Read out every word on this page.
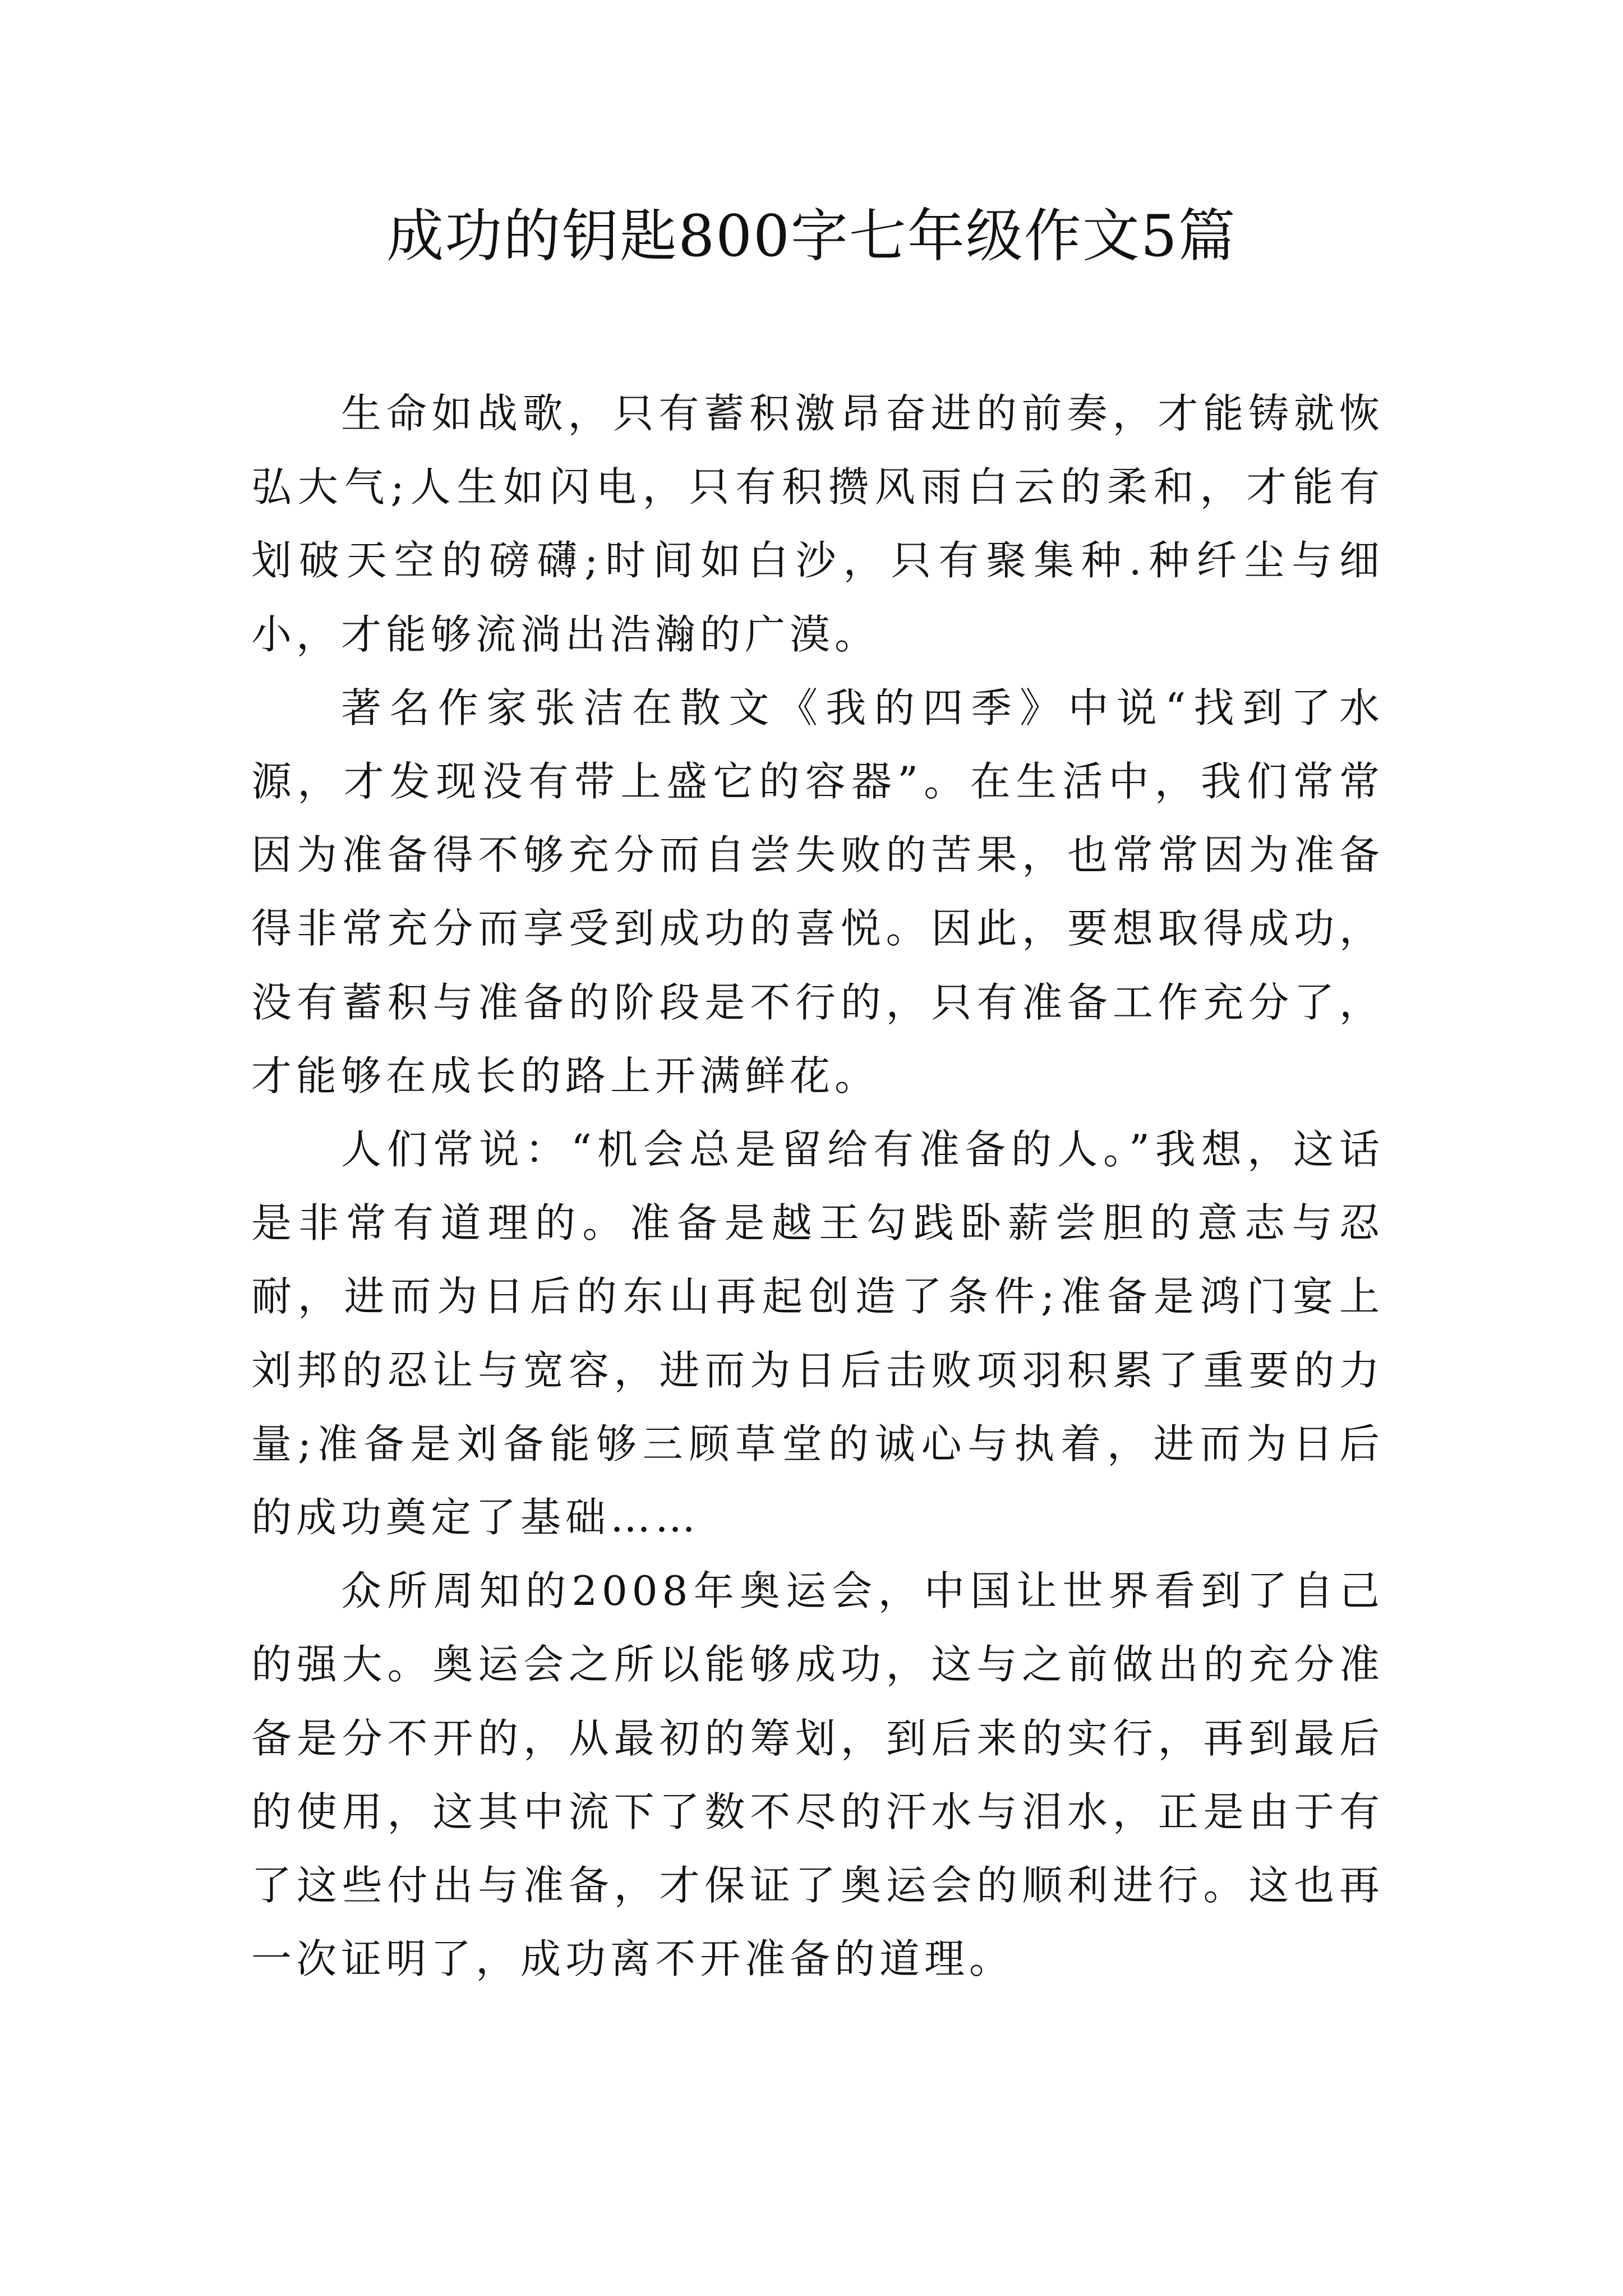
成功的钥匙800字七年级作文5篇

生命如战歌，只有蓄积激昂奋进的前奏，才能铸就恢弘大气;人生如闪电，只有积攒风雨白云的柔和，才能有划破天空的磅礴;时间如白沙，只有聚集种.种纤尘与细小，才能够流淌出浩瀚的广漠。

著名作家张洁在散文《我的四季》中说“找到了水源，才发现没有带上盛它的容器”。在生活中，我们常常因为准备得不够充分而自尝失败的苦果，也常常因为准备得非常充分而享受到成功的喜悦。因此，要想取得成功，没有蓄积与准备的阶段是不行的，只有准备工作充分了，才能够在成长的路上开满鲜花。

人们常说：“机会总是留给有准备的人。”我想，这话是非常有道理的。准备是越王勾践卧薪尝胆的意志与忍耐，进而为日后的东山再起创造了条件;准备是鸿门宴上刘邦的忍让与宽容，进而为日后击败项羽积累了重要的力量;准备是刘备能够三顾草堂的诚心与执着，进而为日后的成功奠定了基础……

众所周知的2008年奥运会，中国让世界看到了自己的强大。奥运会之所以能够成功，这与之前做出的充分准备是分不开的，从最初的筹划，到后来的实行，再到最后的使用，这其中流下了数不尽的汗水与泪水，正是由于有了这些付出与准备，才保证了奥运会的顺利进行。这也再一次证明了，成功离不开准备的道理。
